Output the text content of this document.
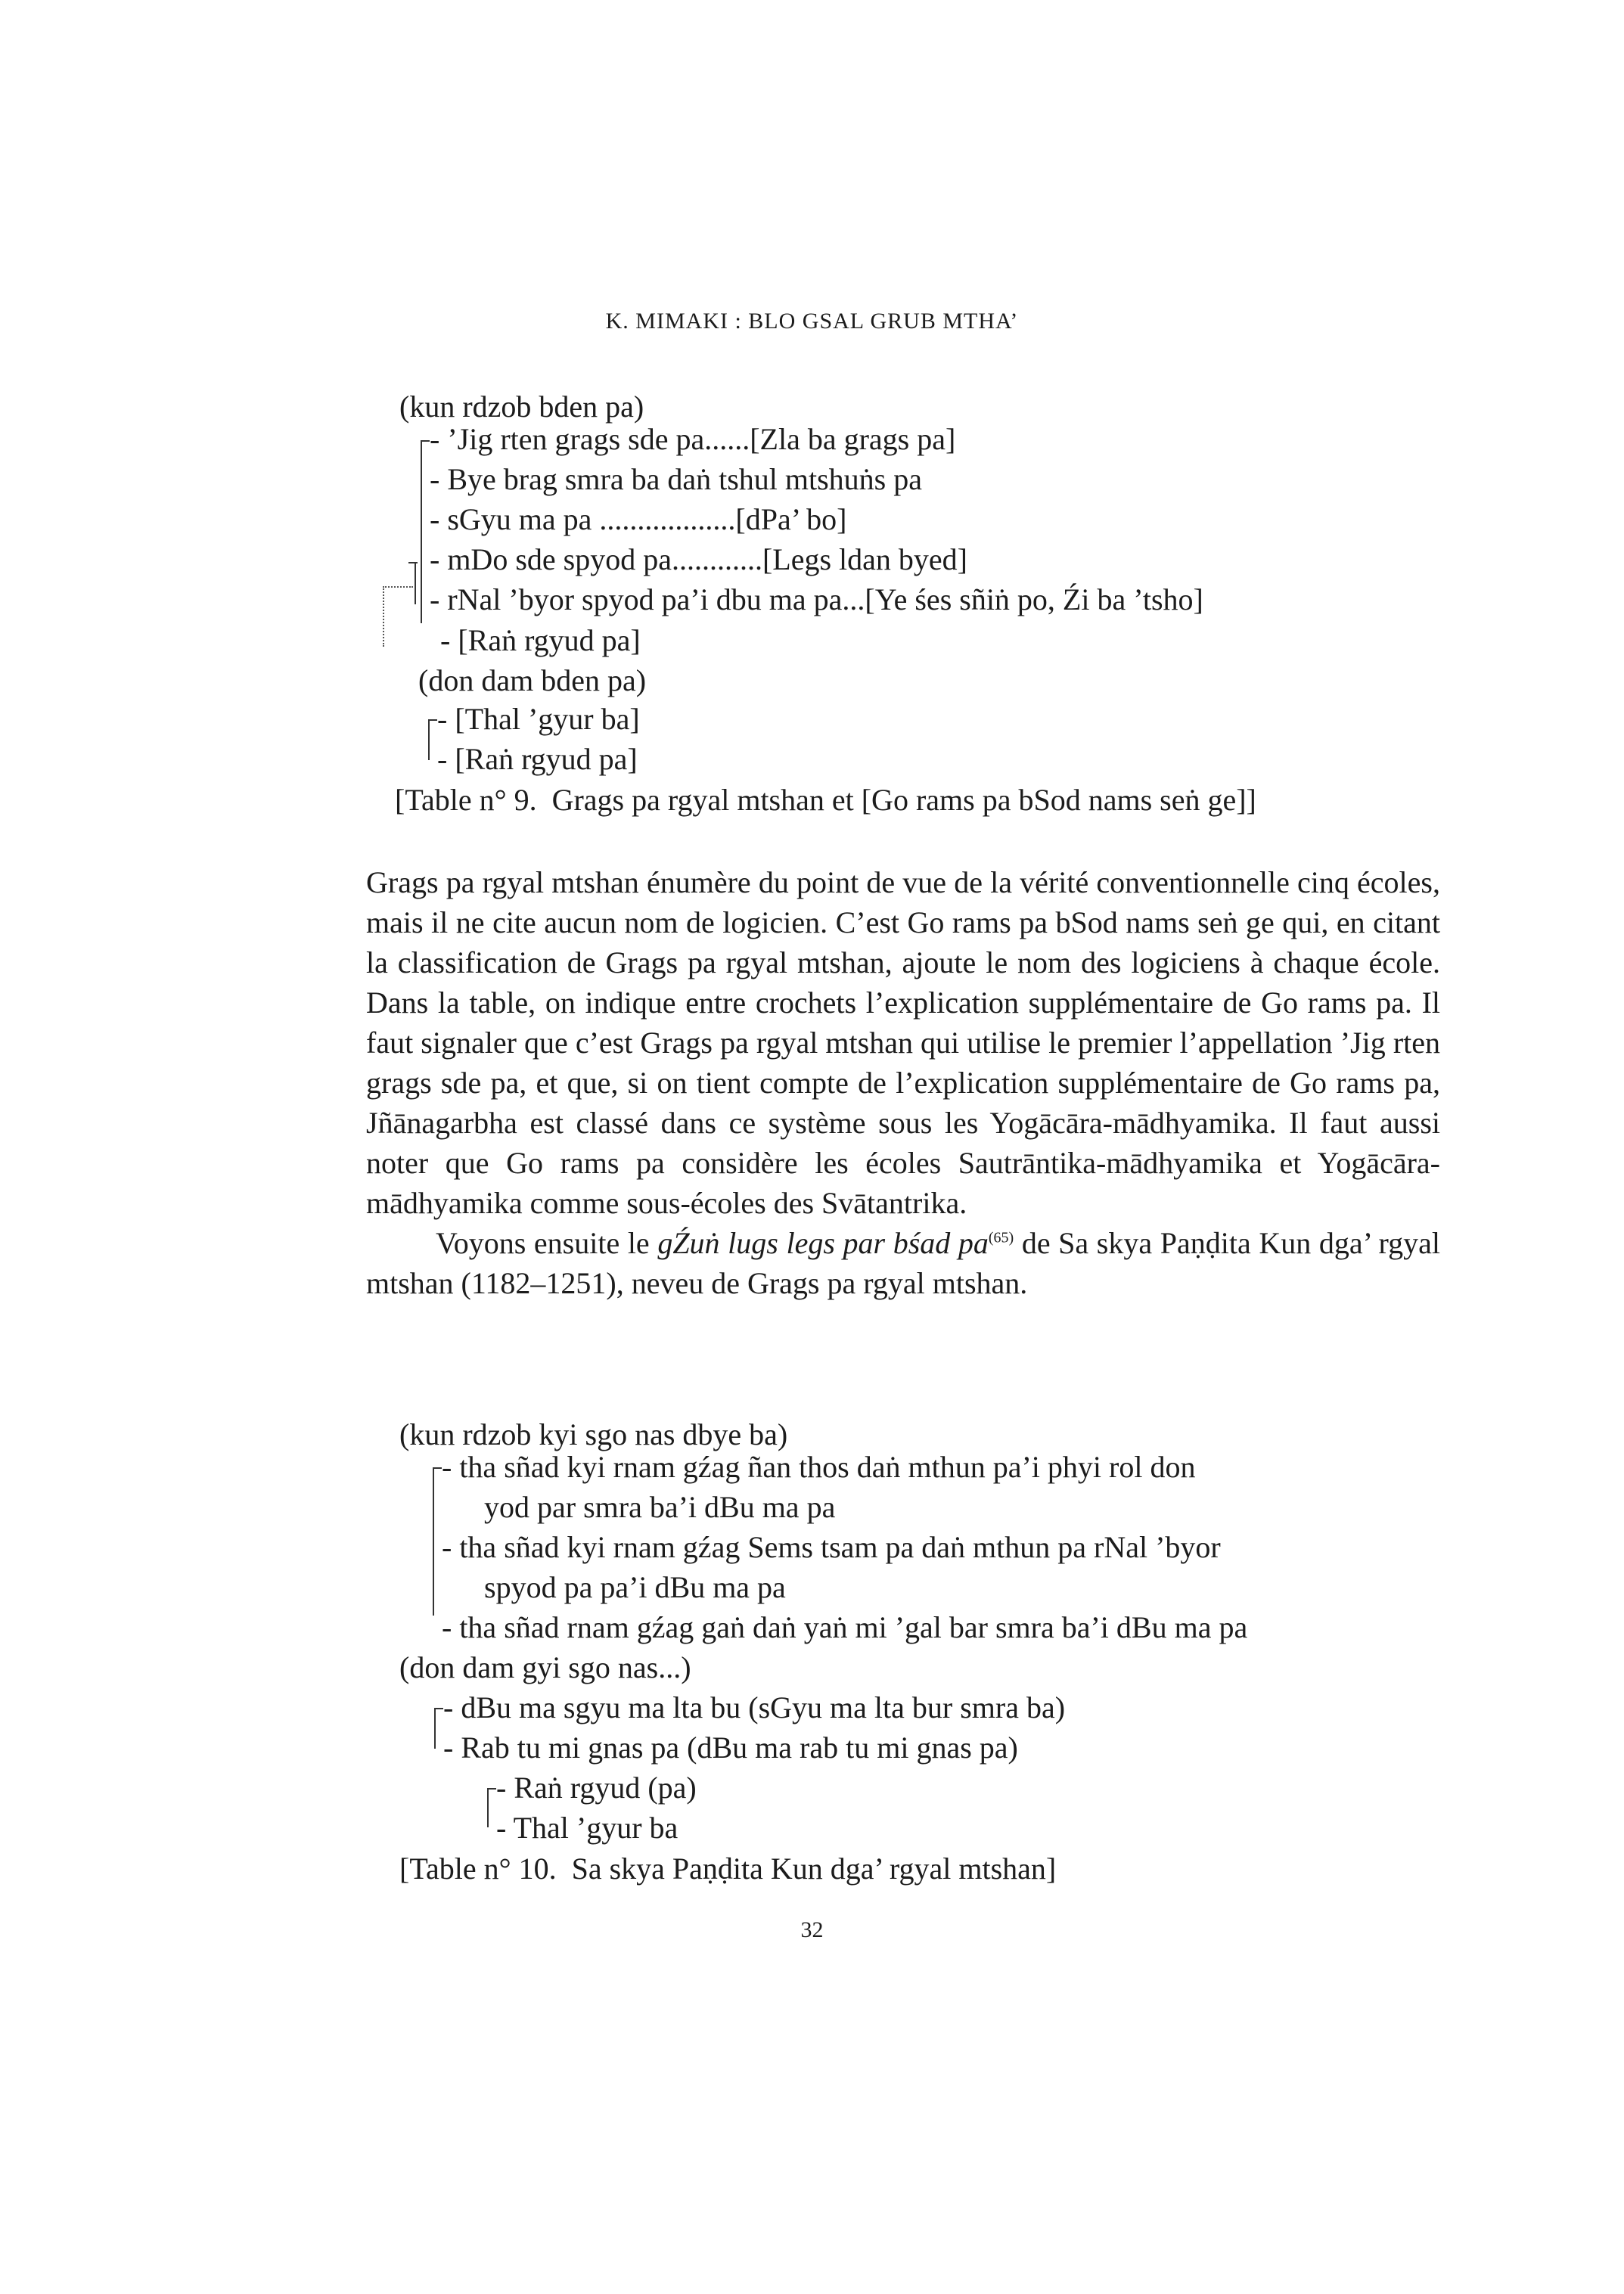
K. MIMAKI : BLO GSAL GRUB MTHA’
(kun rdzob bden pa)
- ’Jig rten grags sde pa......[Zla ba grags pa]
- Bye brag smra ba daṅ tshul mtshuṅs pa
- sGyu ma pa ..................[dPa’ bo]
- mDo sde spyod pa............[Legs ldan byed]
- rNal ’byor spyod pa’i dbu ma pa...[Ye śes sñiṅ po, Źi ba ’tsho]
- [Raṅ rgyud pa]
(don dam bden pa)
- [Thal ’gyur ba]
- [Raṅ rgyud pa]
[Table n° 9.  Grags pa rgyal mtshan et [Go rams pa bSod nams seṅ ge]]

Grags pa rgyal mtshan énumère du point de vue de la vérité conventionnelle cinq écoles, mais il ne cite aucun nom de logicien. C’est Go rams pa bSod nams seṅ ge qui, en citant la classification de Grags pa rgyal mtshan, ajoute le nom des logiciens à chaque école. Dans la table, on indique entre crochets l’explication supplémentaire de Go rams pa. Il faut signaler que c’est Grags pa rgyal mtshan qui utilise le premier l’appellation ’Jig rten grags sde pa, et que, si on tient compte de l’explication supplémentaire de Go rams pa, Jñānagarbha est classé dans ce système sous les Yogācāra-mādhyamika. Il faut aussi noter que Go rams pa considère les écoles Sautrāntika-mādhyamika et Yogācāra-mādhyamika comme sous-écoles des Svātantrika.

Voyons ensuite le gŹuṅ lugs legs par bśad $pa^{(65)}$ de Sa skya Paṇḍita Kun dga’ rgyal mtshan (1182–1251), neveu de Grags pa rgyal mtshan.

(kun rdzob kyi sgo nas dbye ba)
- tha sñad kyi rnam gźag ñan thos daṅ mthun pa’i phyi rol don
yod par smra ba’i dBu ma pa
- tha sñad kyi rnam gźag Sems tsam pa daṅ mthun pa rNal ’byor
spyod pa pa’i dBu ma pa
- tha sñad rnam gźag gaṅ daṅ yaṅ mi ’gal bar smra ba’i dBu ma pa
(don dam gyi sgo nas...)
- dBu ma sgyu ma lta bu (sGyu ma lta bur smra ba)
- Rab tu mi gnas pa (dBu ma rab tu mi gnas pa)
- Raṅ rgyud (pa)
- Thal ’gyur ba
[Table n° 10.  Sa skya Paṇḍita Kun dga’ rgyal mtshan]
32
